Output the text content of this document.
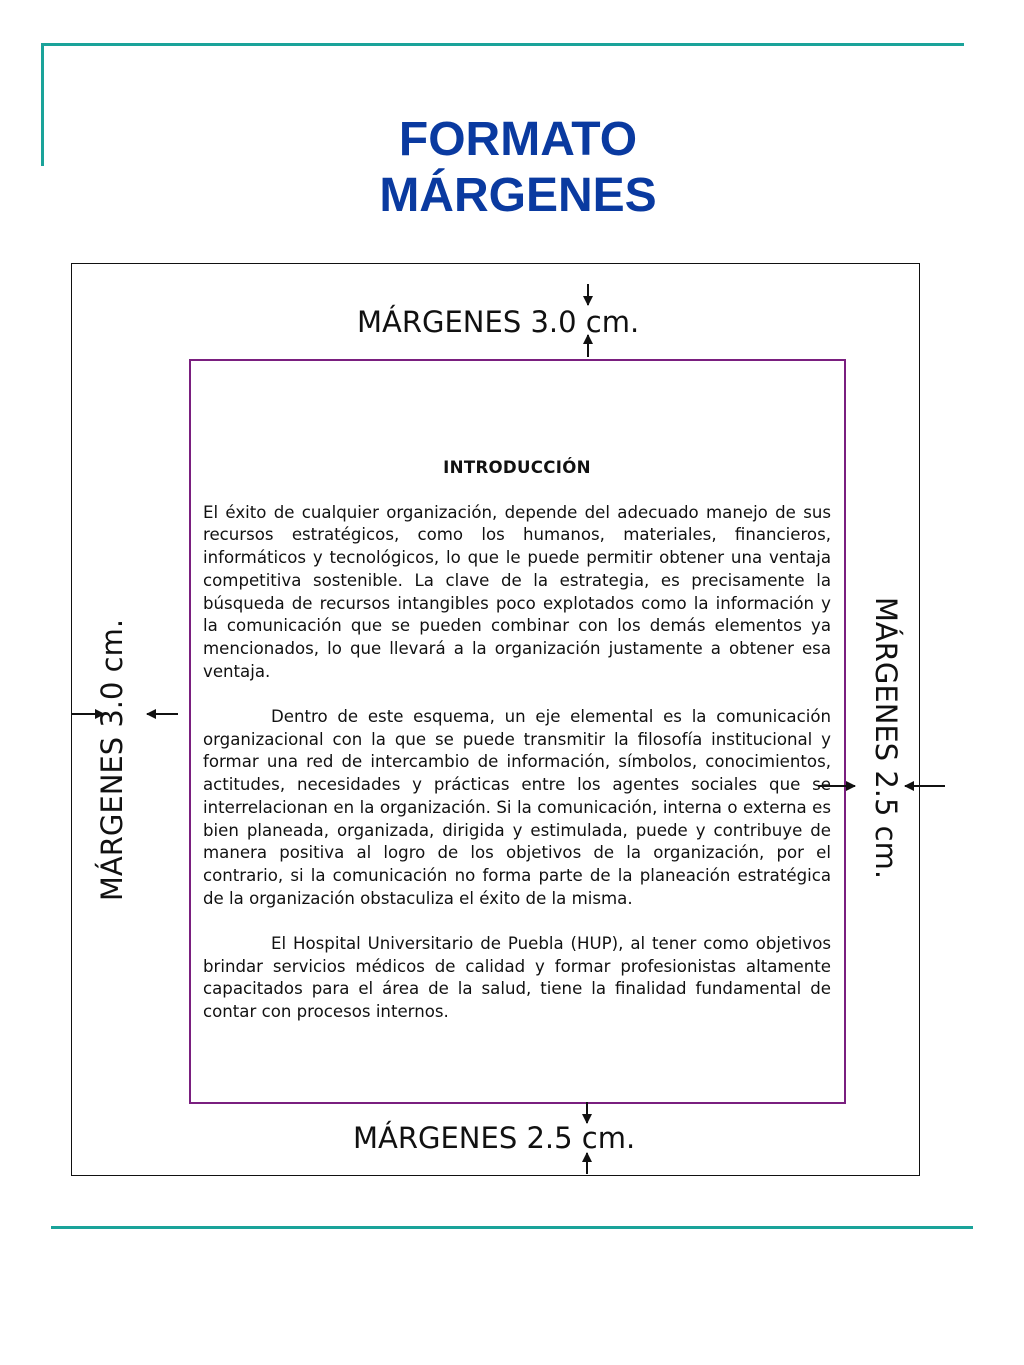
FORMATO
MÁRGENES
MÁRGENES 3.0 cm.
MÁRGENES 2.5 cm.
MÁRGENES 3.0 cm.	MÁRGENES 2.5 cm.
INTRODUCCIÓN

El éxito de cualquier organización, depende del adecuado manejo de sus recursos estratégicos, como los humanos, materiales, financieros, informáticos y tecnológicos, lo que le puede permitir obtener una ventaja competitiva sostenible. La clave de la estrategia, es precisamente la búsqueda de recursos intangibles poco explotados como la información y la comunicación que se pueden combinar con los demás elementos ya mencionados, lo que llevará a la organización justamente a obtener esa ventaja.

Dentro de este esquema, un eje elemental es la comunicación organizacional con la que se puede transmitir la filosofía institucional y formar una red de intercambio de información, símbolos, conocimientos, actitudes, necesidades y prácticas entre los agentes sociales que se interrelacionan en la organización. Si la comunicación, interna o externa es bien planeada, organizada, dirigida y estimulada, puede y contribuye de manera positiva al logro de los objetivos de la organización, por el contrario, si la comunicación no forma parte de la planeación estratégica de la organización obstaculiza el éxito de la misma.

El Hospital Universitario de Puebla (HUP), al tener como objetivos brindar servicios médicos de calidad y formar profesionistas altamente capacitados para el área de la salud, tiene la finalidad fundamental de contar con procesos internos.
